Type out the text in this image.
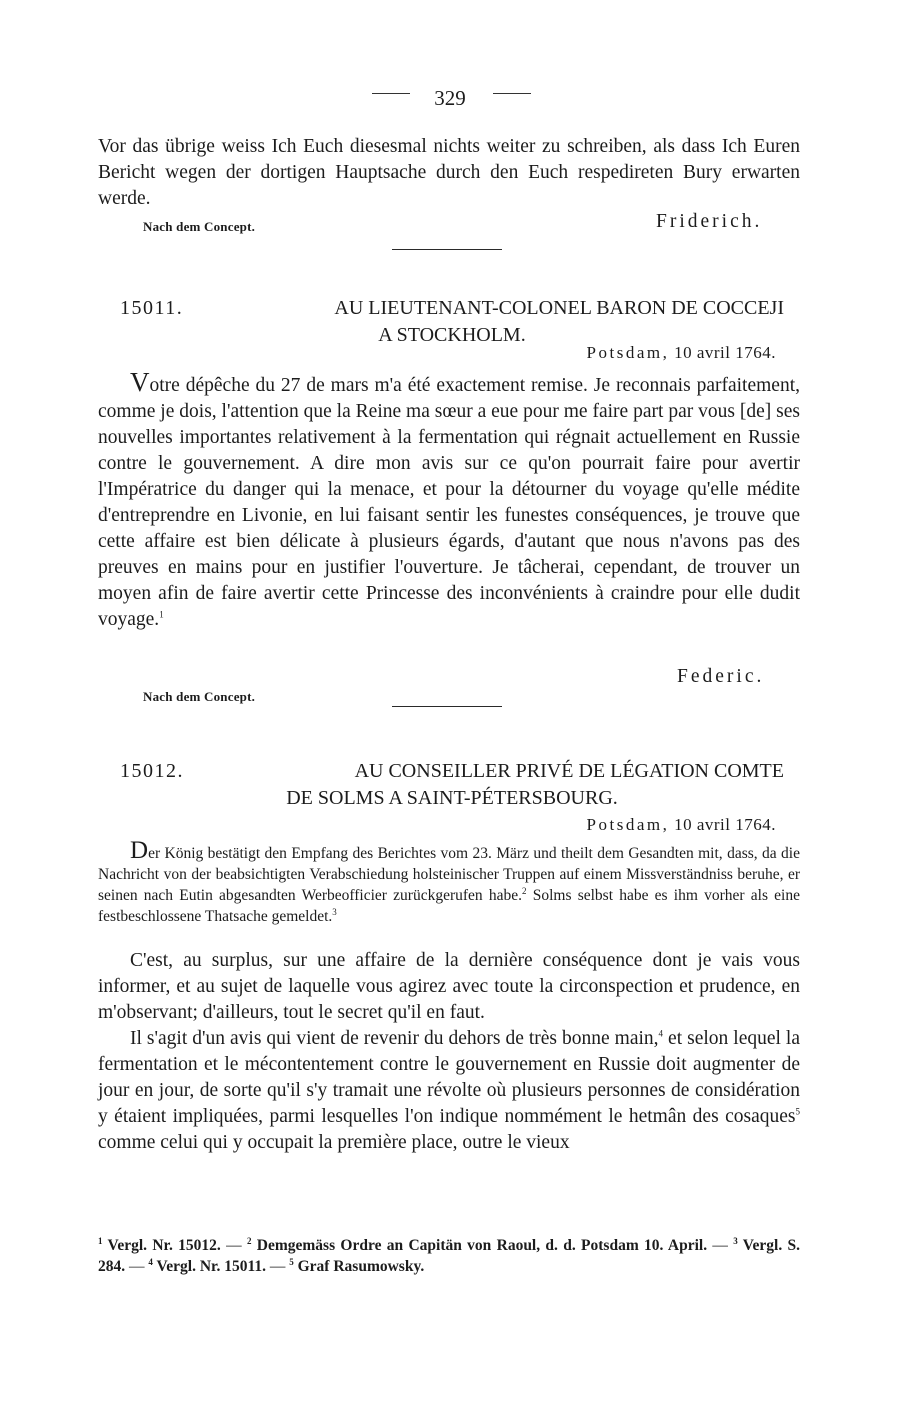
329

Vor das übrige weiss Ich Euch diesesmal nichts weiter zu schreiben, als dass Ich Euren Bericht wegen der dortigen Hauptsache durch den Euch respedireten Bury erwarten werde.

Nach dem Concept.	Friderich.
15011.	AU LIEUTENANT-COLONEL BARON DE COCCEJI
A STOCKHOLM.
Potsdam, 10 avril 1764.

Votre dépêche du 27 de mars m'a été exactement remise. Je reconnais parfaitement, comme je dois, l'attention que la Reine ma sœur a eue pour me faire part par vous [de] ses nouvelles importantes relativement à la fermentation qui régnait actuellement en Russie contre le gouvernement. A dire mon avis sur ce qu'on pourrait faire pour avertir l'Impératrice du danger qui la menace, et pour la détourner du voyage qu'elle médite d'entreprendre en Livonie, en lui faisant sentir les funestes conséquences, je trouve que cette affaire est bien délicate à plusieurs égards, d'autant que nous n'avons pas des preuves en mains pour en justifier l'ouverture. Je tâcherai, cependant, de trouver un moyen afin de faire avertir cette Princesse des inconvénients à craindre pour elle dudit voyage.$^1$

Federic.
Nach dem Concept.
15012.	AU CONSEILLER PRIVÉ DE LÉGATION COMTE
DE SOLMS A SAINT-PÉTERSBOURG.
Potsdam, 10 avril 1764.

Der König bestätigt den Empfang des Berichtes vom 23. März und theilt dem Gesandten mit, dass, da die Nachricht von der beabsichtigten Verabschiedung holsteinischer Truppen auf einem Missverständniss beruhe, er seinen nach Eutin abgesandten Werbeofficier zurückgerufen habe.$^2$ Solms selbst habe es ihm vorher als eine festbeschlossene Thatsache gemeldet.$^3$

C'est, au surplus, sur une affaire de la dernière conséquence dont je vais vous informer, et au sujet de laquelle vous agirez avec toute la circonspection et prudence, en m'observant; d'ailleurs, tout le secret qu'il en faut.

Il s'agit d'un avis qui vient de revenir du dehors de très bonne main,$^4$ et selon lequel la fermentation et le mécontentement contre le gouvernement en Russie doit augmenter de jour en jour, de sorte qu'il s'y tramait une révolte où plusieurs personnes de considération y étaient impliquées, parmi lesquelles l'on indique nommément le hetmân des cosaques$^5$ comme celui qui y occupait la première place, outre le vieux

$^1$ Vergl. Nr. 15012. — $^2$ Demgemäss Ordre an Capitän von Raoul, d. d. Potsdam 10. April. — $^3$ Vergl. S. 284. — $^4$ Vergl. Nr. 15011. — $^5$ Graf Rasumowsky.
